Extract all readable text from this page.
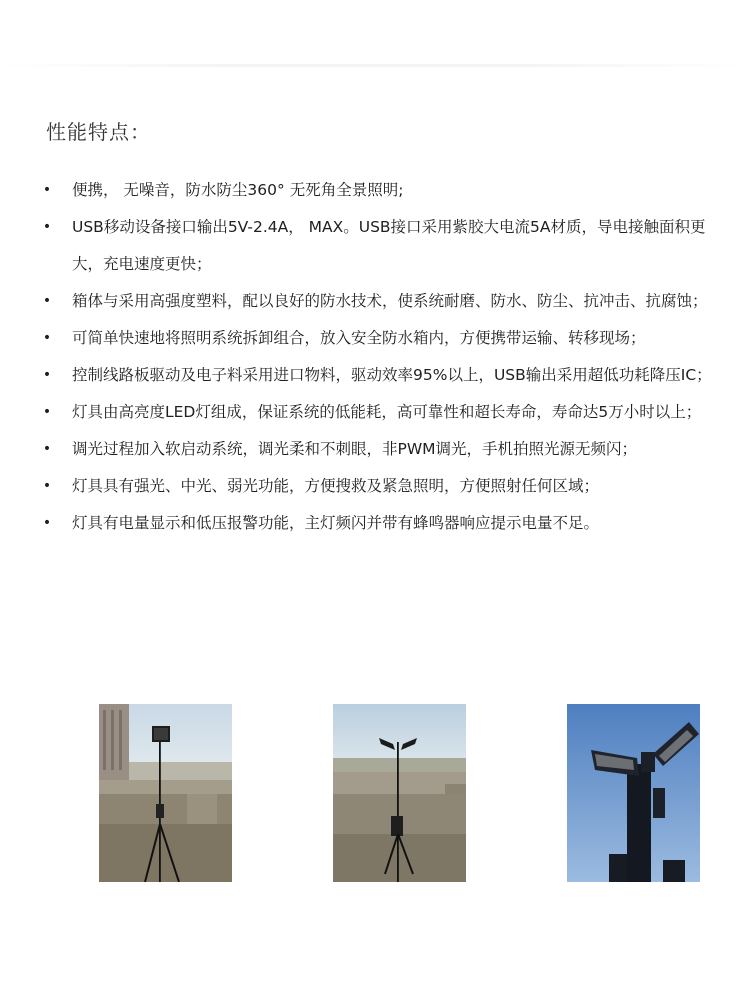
性能特点：
• 便携， 无噪音，防水防尘360° 无死角全景照明;
• USB移动设备接口输出5V-2.4A， MAX。USB接口采用紫胶大电流5A材质，导电接触面积更大，充电速度更快；
• 箱体与采用高强度塑料，配以良好的防水技术，使系统耐磨、防水、防尘、抗冲击、抗腐蚀；
• 可简单快速地将照明系统拆卸组合，放入安全防水箱内，方便携带运输、转移现场；
• 控制线路板驱动及电子料采用进口物料，驱动效率95%以上，USB输出采用超低功耗降压IC；
• 灯具由高亮度LED灯组成，保证系统的低能耗，高可靠性和超长寿命，寿命达5万小时以上；
• 调光过程加入软启动系统，调光柔和不刺眼，非PWM调光，手机拍照光源无频闪；
• 灯具具有强光、中光、弱光功能，方便搜救及紧急照明，方便照射任何区域；
• 灯具有电量显示和低压报警功能，主灯频闪并带有蜂鸣器响应提示电量不足。
